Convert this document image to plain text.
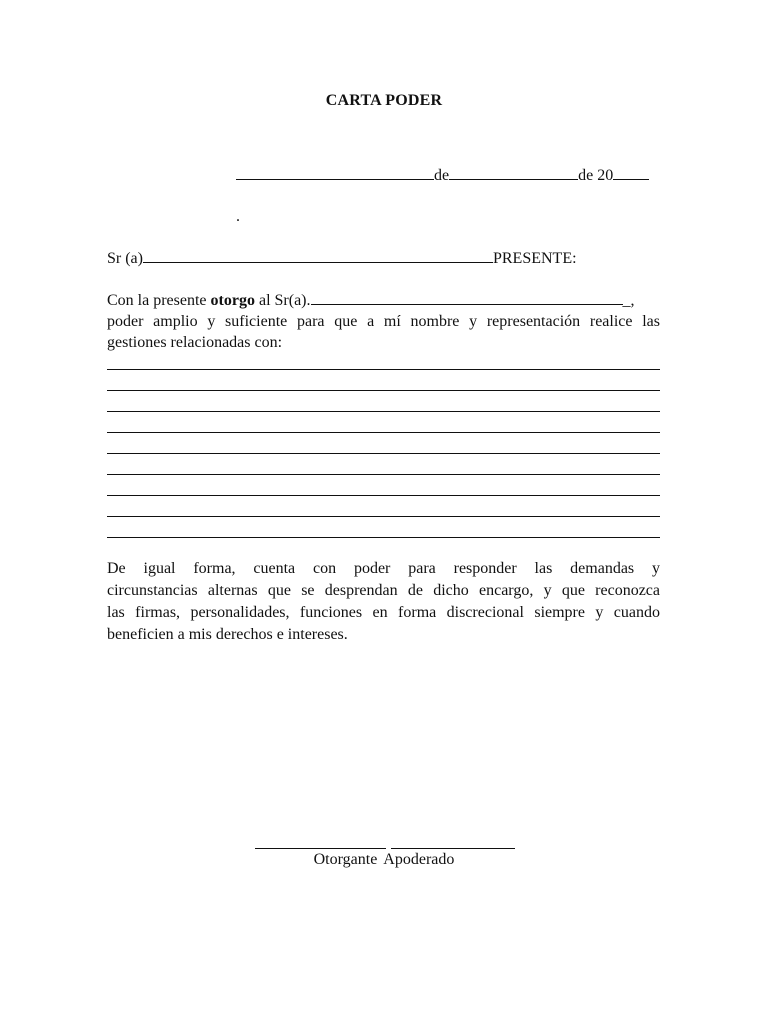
CARTA PODER
de	de 20
.
Sr (a)	PRESENTE:
Con la presente otorgo al Sr(a).	_,
poder amplio y suficiente para que a mí nombre y representación realice las
gestiones relacionadas con:
De igual forma, cuenta con poder para responder las demandas y
circunstancias alternas que se desprendan de dicho encargo, y que reconozca
las firmas, personalidades, funciones en forma discrecional siempre y cuando
beneficien a mis derechos e intereses.
Otorgante Apoderado
